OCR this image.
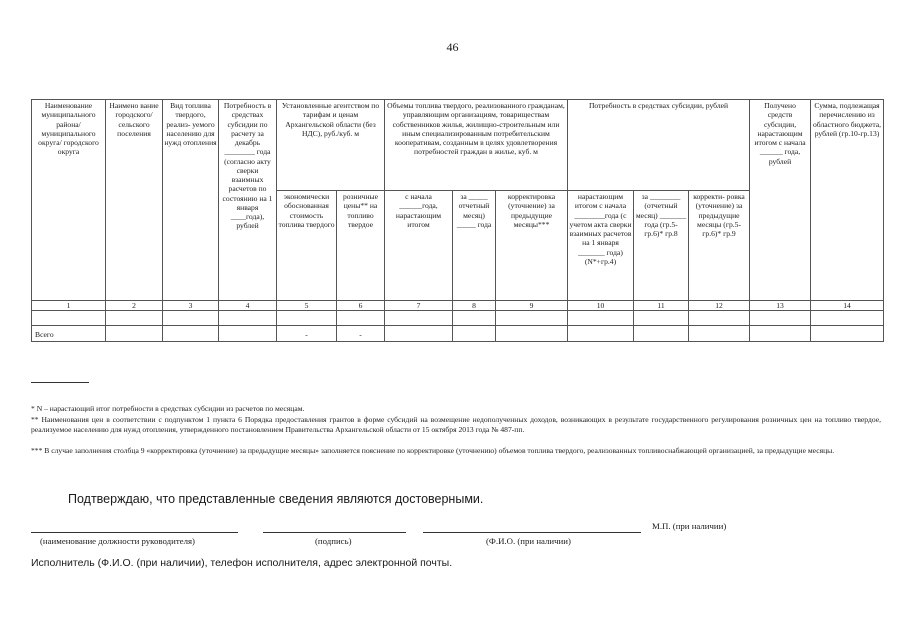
46
Наименование муниципального района/ муниципального округа/ городского округа	Наимено вание городского/ сельского поселения	Вид топлива твердого, реализ- уемого населению для нужд отопления	Потребность в средствах субсидии по расчету за декабрь ________ года (согласно акту сверки взаимных расчетов по состоянию на 1 января ____года), рублей	Установленные агентством по тарифам и ценам Архангельской области (без НДС), руб./куб. м		Объемы топлива твердого, реализованного гражданам, управляющим организациям, товариществам собственников жилья, жилищно-строительным или иным специализированным потребительским кооперативам, созданным в целях удовлетворения потребностей граждан в жилье, куб. м			Потребность в средствах субсидии, рублей			Получено средств субсидии, нарастающим итогом с начала ______ года, рублей	Сумма, подлежащая перечислению из областного бюджета, рублей (гр.10-гр.13)
				экономически обоснованная стоимость топлива твердого	розничные цены** на топливо твердое	с начала ______года, нарастающим итогом	за _____ отчетный месяц) _____ года	корректировка (уточнение) за предыдущие месяцы***	нарастающим итогом с начала ________года (с учетом акта сверки взаимных расчетов на 1 января _______ года) (N*+гр.4)	за ________ (отчетный месяц) _______ года (гр.5-гр.6)* гр.8	корректи- ровка (уточнение) за предыдущие месяцы (гр.5-гр.6)* гр.9		
1	2	3	4	5	6	7	8	9	10	11	12	13	14

Всего				-	-								
* N – нарастающий итог потребности в средствах субсидии из расчетов по месяцам.
** Наименования цен в соответствии с подпунктом 1 пункта 6 Порядка предоставления грантов в форме субсидий на возмещение недополученных доходов, возникающих в результате государственного регулирования розничных цен на топливо твердое, реализуемое населению для нужд отопления, утвержденного постановлением Правительства Архангельской области от 15 октября 2013 года № 487-пп.
*** В случае заполнения столбца 9 «корректировка (уточнение) за предыдущие месяцы» заполняется пояснение по корректировке (уточнению) объемов топлива твердого, реализованных топливоснабжающей организацией, за предыдущие месяцы.
Подтверждаю, что представленные сведения являются достоверными.
М.П. (при наличии)
(наименование должности руководителя)	(подпись)	(Ф.И.О. (при наличии)
Исполнитель (Ф.И.О. (при наличии), телефон исполнителя, адрес электронной почты.
